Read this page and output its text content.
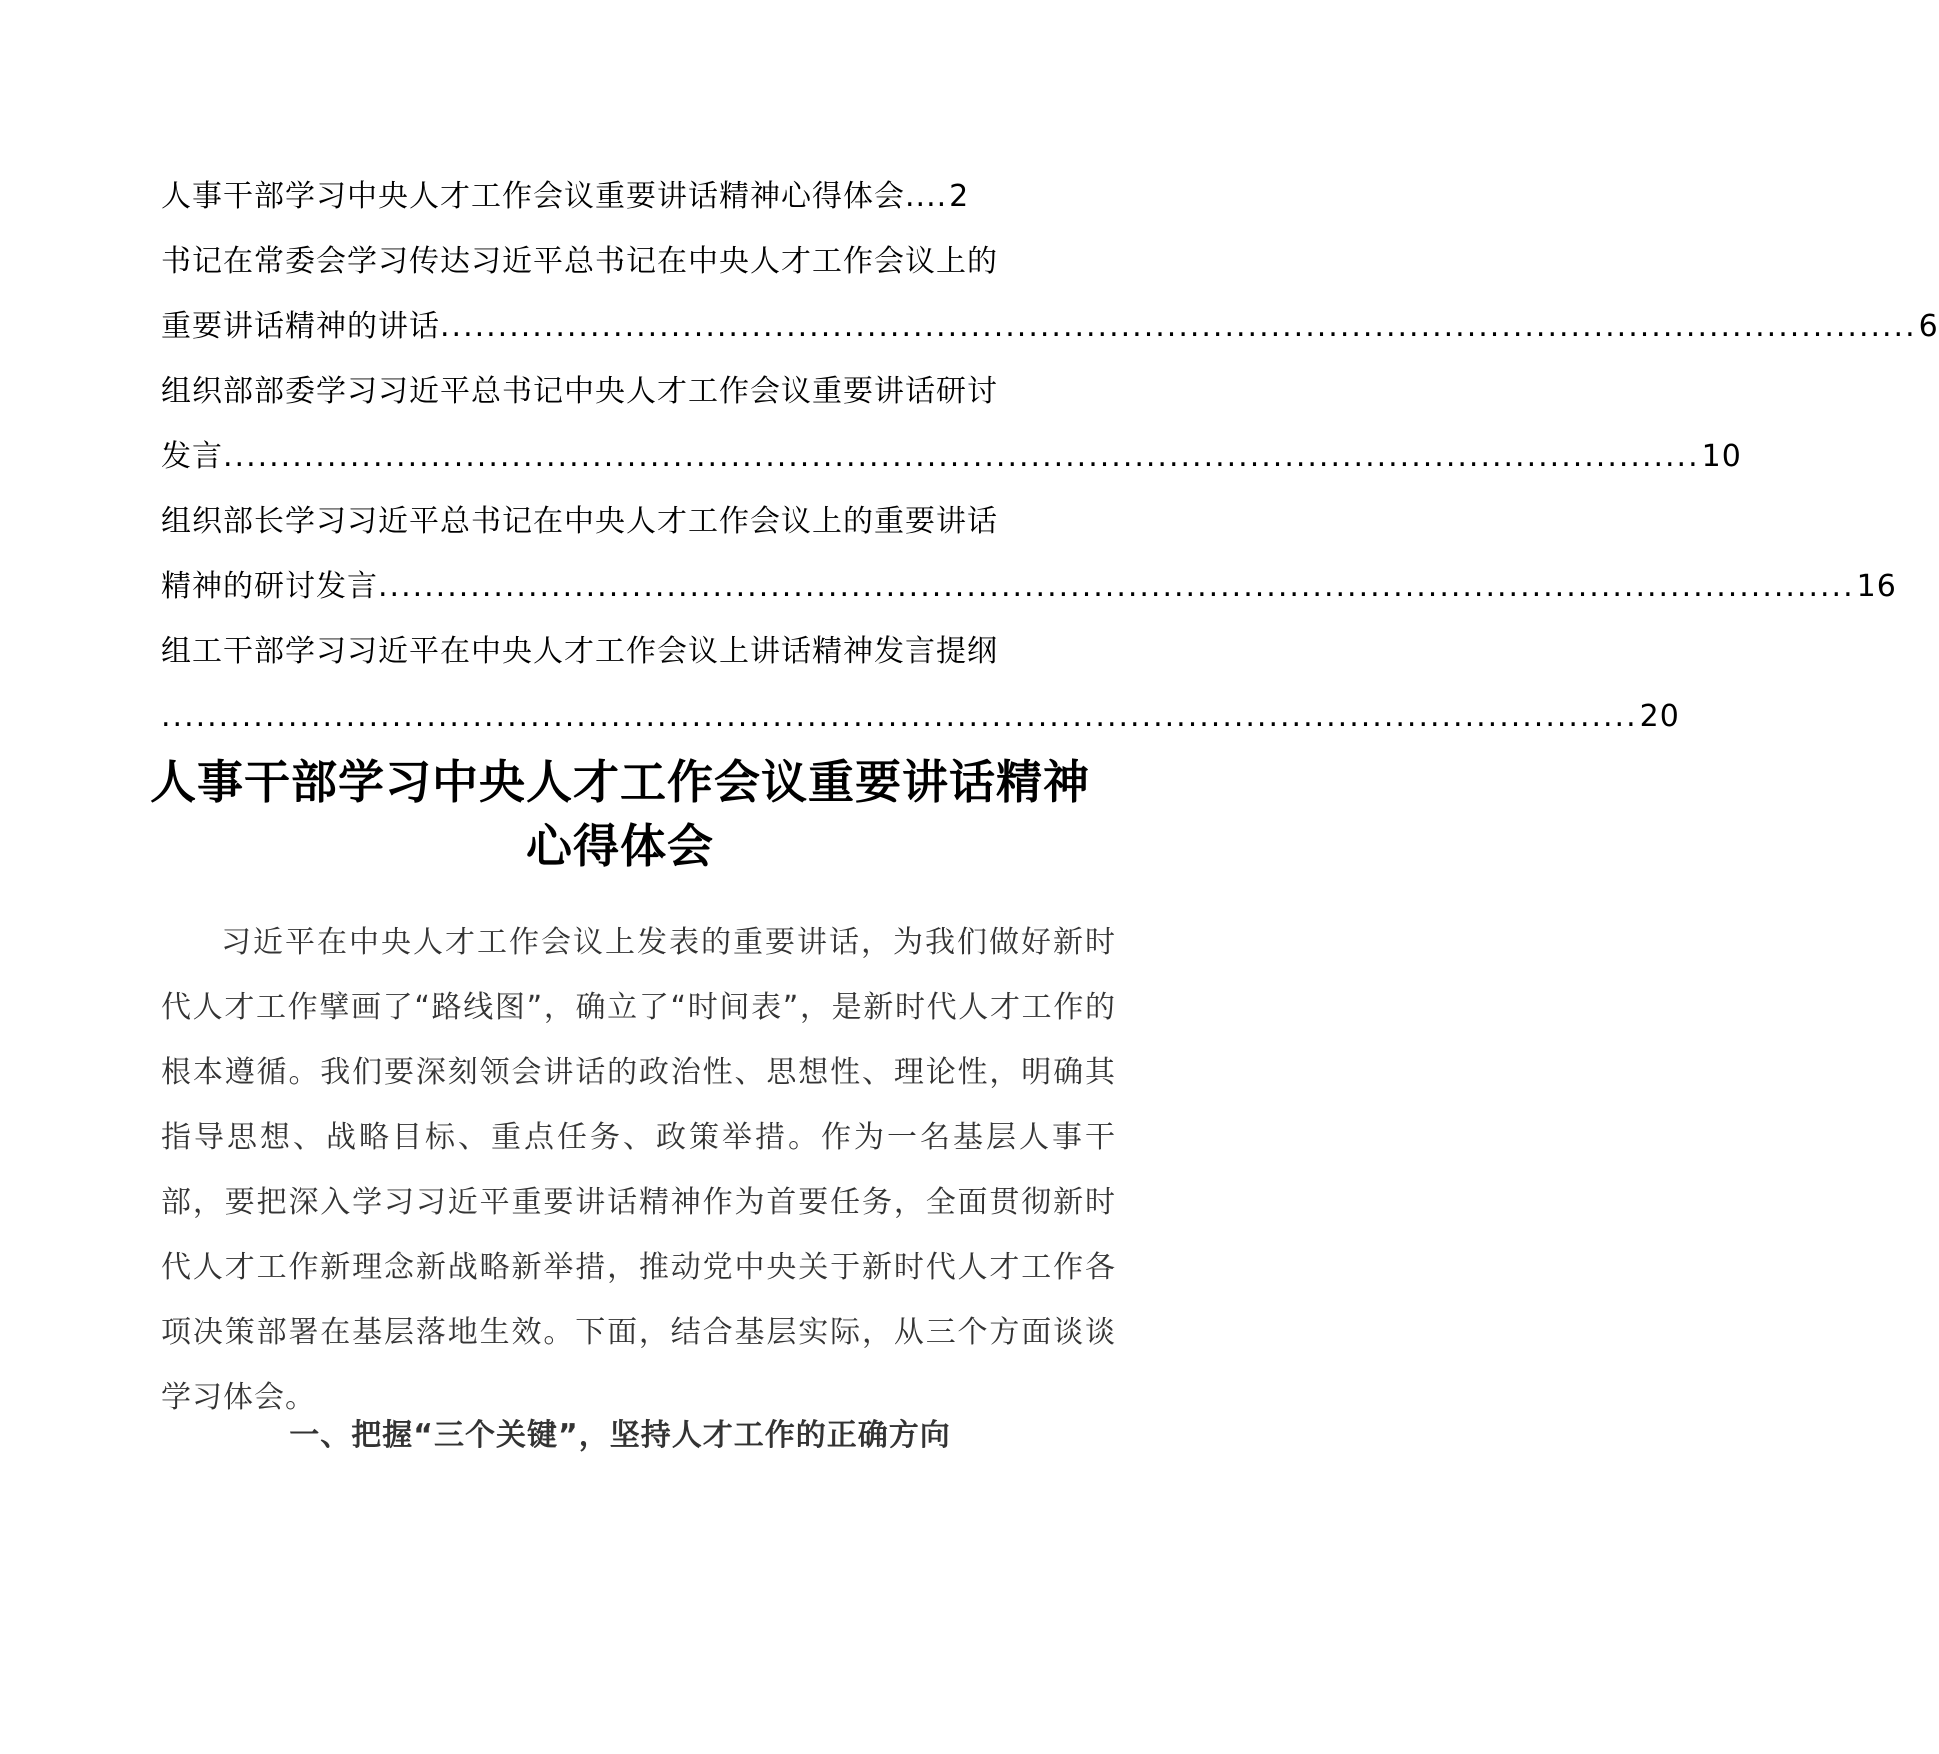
人事干部学习中央人才工作会议重要讲话精神心得体会 .... 2
书记在常委会学习传达习近平总书记在中央人才工作会议上的
重要讲话精神的讲话 ................................................................................................................................ 6
组织部部委学习习近平总书记中央人才工作会议重要讲话研讨
发言 ................................................................................................................................ 10
组织部长学习习近平总书记在中央人才工作会议上的重要讲话
精神的研讨发言 ................................................................................................................................ 16
组工干部学习习近平在中央人才工作会议上讲话精神发言提纲
................................................................................................................................ 20
人事干部学习中央人才工作会议重要讲话精神
心得体会

习近平在中央人才工作会议上发表的重要讲话，为我们做好新时代人才工作擘画了“路线图”，确立了“时间表”，是新时代人才工作的根本遵循。我们要深刻领会讲话的政治性、思想性、理论性，明确其指导思想、战略目标、重点任务、政策举措。作为一名基层人事干部，要把深入学习习近平重要讲话精神作为首要任务，全面贯彻新时代人才工作新理念新战略新举措，推动党中央关于新时代人才工作各项决策部署在基层落地生效。下面，结合基层实际，从三个方面谈谈学习体会。

一、把握“三个关键”，坚持人才工作的正确方向
